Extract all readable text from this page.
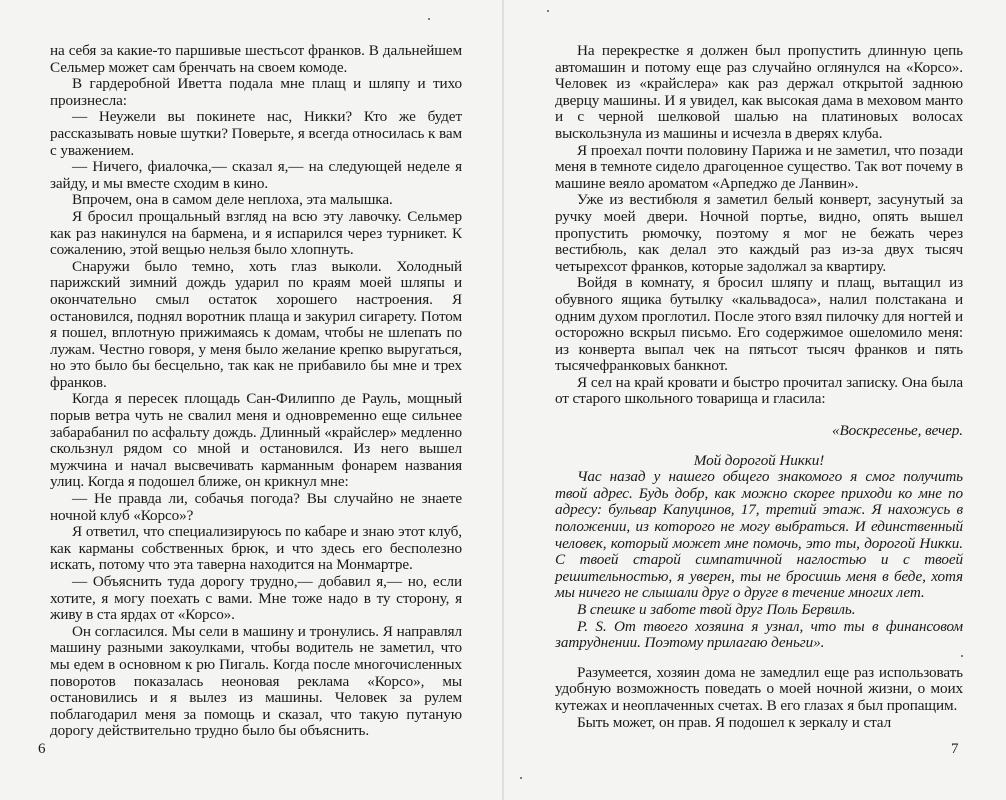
на себя за какие-то паршивые шестьсот франков. В дальнейшем Сельмер может сам бренчать на своем комоде.

В гардеробной Иветта подала мне плащ и шляпу и тихо произнесла:

— Неужели вы покинете нас, Никки? Кто же будет рассказывать новые шутки? Поверьте, я всегда относилась к вам с уважением.

— Ничего, фиалочка,— сказал я,— на следующей неделе я зайду, и мы вместе сходим в кино.

Впрочем, она в самом деле неплоха, эта малышка.

Я бросил прощальный взгляд на всю эту лавочку. Сельмер как раз накинулся на бармена, и я испарился через турникет. К сожалению, этой вещью нельзя было хлопнуть.

Снаружи было темно, хоть глаз выколи. Холодный парижский зимний дождь ударил по краям моей шляпы и окончательно смыл остаток хорошего настроения. Я остановился, поднял воротник плаща и закурил сигарету. Потом я пошел, вплотную прижимаясь к домам, чтобы не шлепать по лужам. Честно говоря, у меня было желание крепко выругаться, но это было бы бесцельно, так как не прибавило бы мне и трех франков.

Когда я пересек площадь Сан-Филиппо де Рауль, мощный порыв ветра чуть не свалил меня и одновременно еще сильнее забарабанил по асфальту дождь. Длинный «крайслер» медленно скользнул рядом со мной и остановился. Из него вышел мужчина и начал высвечивать карманным фонарем названия улиц. Когда я подошел ближе, он крикнул мне:

— Не правда ли, собачья погода? Вы случайно не знаете ночной клуб «Корсо»?

Я ответил, что специализируюсь по кабаре и знаю этот клуб, как карманы собственных брюк, и что здесь его бесполезно искать, потому что эта таверна находится на Монмартре.

— Объяснить туда дорогу трудно,— добавил я,— но, если хотите, я могу поехать с вами. Мне тоже надо в ту сторону, я живу в ста ярдах от «Корсо».

Он согласился. Мы сели в машину и тронулись. Я направлял машину разными закоулками, чтобы водитель не заметил, что мы едем в основном к рю Пигаль. Когда после многочисленных поворотов показалась неоновая реклама «Корсо», мы остановились и я вылез из машины. Человек за рулем поблагодарил меня за помощь и сказал, что такую путаную дорогу действительно трудно было бы объяснить.

6

На перекрестке я должен был пропустить длинную цепь автомашин и потому еще раз случайно оглянулся на «Корсо». Человек из «крайслера» как раз держал открытой заднюю дверцу машины. И я увидел, как высокая дама в меховом манто и с черной шелковой шалью на платиновых волосах выскользнула из машины и исчезла в дверях клуба.

Я проехал почти половину Парижа и не заметил, что позади меня в темноте сидело драгоценное существо. Так вот почему в машине веяло ароматом «Арпеджо де Ланвин».

Уже из вестибюля я заметил белый конверт, засунутый за ручку моей двери. Ночной портье, видно, опять вышел пропустить рюмочку, поэтому я мог не бежать через вестибюль, как делал это каждый раз из-за двух тысяч четырехсот франков, которые задолжал за квартиру.

Войдя в комнату, я бросил шляпу и плащ, вытащил из обувного ящика бутылку «кальвадоса», налил полстакана и одним духом проглотил. После этого взял пилочку для ногтей и осторожно вскрыл письмо. Его содержимое ошеломило меня: из конверта выпал чек на пятьсот тысяч франков и пять тысячефранковых банкнот.

Я сел на край кровати и быстро прочитал записку. Она была от старого школьного товарища и гласила:

«Воскресенье, вечер.

Мой дорогой Никки!

Час назад у нашего общего знакомого я смог получить твой адрес. Будь добр, как можно скорее приходи ко мне по адресу: бульвар Капуцинов, 17, третий этаж. Я нахожусь в положении, из которого не могу выбраться. И единственный человек, который может мне помочь, это ты, дорогой Никки. С твоей старой симпатичной наглостью и с твоей решительностью, я уверен, ты не бросишь меня в беде, хотя мы ничего не слышали друг о друге в течение многих лет.

В спешке и заботе твой друг Поль Бервиль.

P. S. От твоего хозяина я узнал, что ты в финансовом затруднении. Поэтому прилагаю деньги».

Разумеется, хозяин дома не замедлил еще раз использовать удобную возможность поведать о моей ночной жизни, о моих кутежах и неоплаченных счетах. В его глазах я был пропащим.

Быть может, он прав. Я подошел к зеркалу и стал

7
